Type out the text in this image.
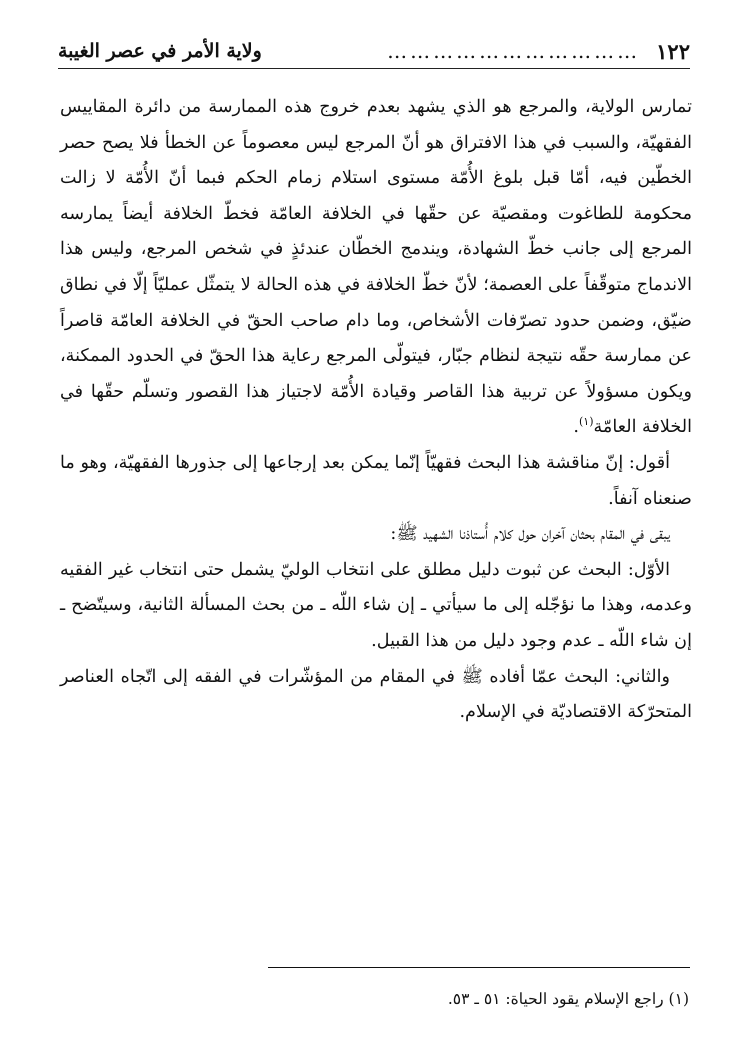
١٢٢
……………………………
ولاية الأمر في عصر الغيبة

تمارس الولاية، والمرجع هو الذي يشهد بعدم خروج هذه الممارسة من دائرة المقاييس الفقهيّة، والسبب في هذا الافتراق هو أنّ المرجع ليس معصوماً عن الخطأ فلا يصح حصر الخطّين فيه، أمّا قبل بلوغ الأُمّة مستوى استلام زمام الحكم فبما أنّ الأُمّة لا زالت محكومة للطاغوت ومقصيّة عن حقّها في الخلافة العامّة فخطّ الخلافة أيضاً يمارسه المرجع إلى جانب خطّ الشهادة، ويندمج الخطّان عندئذٍ في شخص المرجع، وليس هذا الاندماج متوقّفاً على العصمة؛ لأنّ خطّ الخلافة في هذه الحالة لا يتمثّل عمليّاً إلّا في نطاق ضيّق، وضمن حدود تصرّفات الأشخاص، وما دام صاحب الحقّ في الخلافة العامّة قاصراً عن ممارسة حقّه نتيجة لنظام جبّار، فيتولّى المرجع رعاية هذا الحقّ في الحدود الممكنة، ويكون مسؤولاً عن تربية هذا القاصر وقيادة الأُمّة لاجتياز هذا القصور وتسلّم حقّها في الخلافة العامّة$^{(١)}$.

أقول: إنّ مناقشة هذا البحث فقهيّاً إنّما يمكن بعد إرجاعها إلى جذورها الفقهيّة، وهو ما صنعناه آنفاً.

يبقى في المقام بحثان آخران حول كلام أُستاذنا الشهيد ﷺ:

الأوّل: البحث عن ثبوت دليل مطلق على انتخاب الوليّ يشمل حتى انتخاب غير الفقيه وعدمه، وهذا ما نؤجّله إلى ما سيأتي ـ إن شاء اللّه ـ من بحث المسألة الثانية، وسيتّضح ـ إن شاء اللّه ـ عدم وجود دليل من هذا القبيل.

والثاني: البحث عمّا أفاده ﷺ في المقام من المؤشّرات في الفقه إلى اتّجاه العناصر المتحرّكة الاقتصاديّة في الإسلام.

(١) راجع الإسلام يقود الحياة: ٥١ ـ ٥٣.
